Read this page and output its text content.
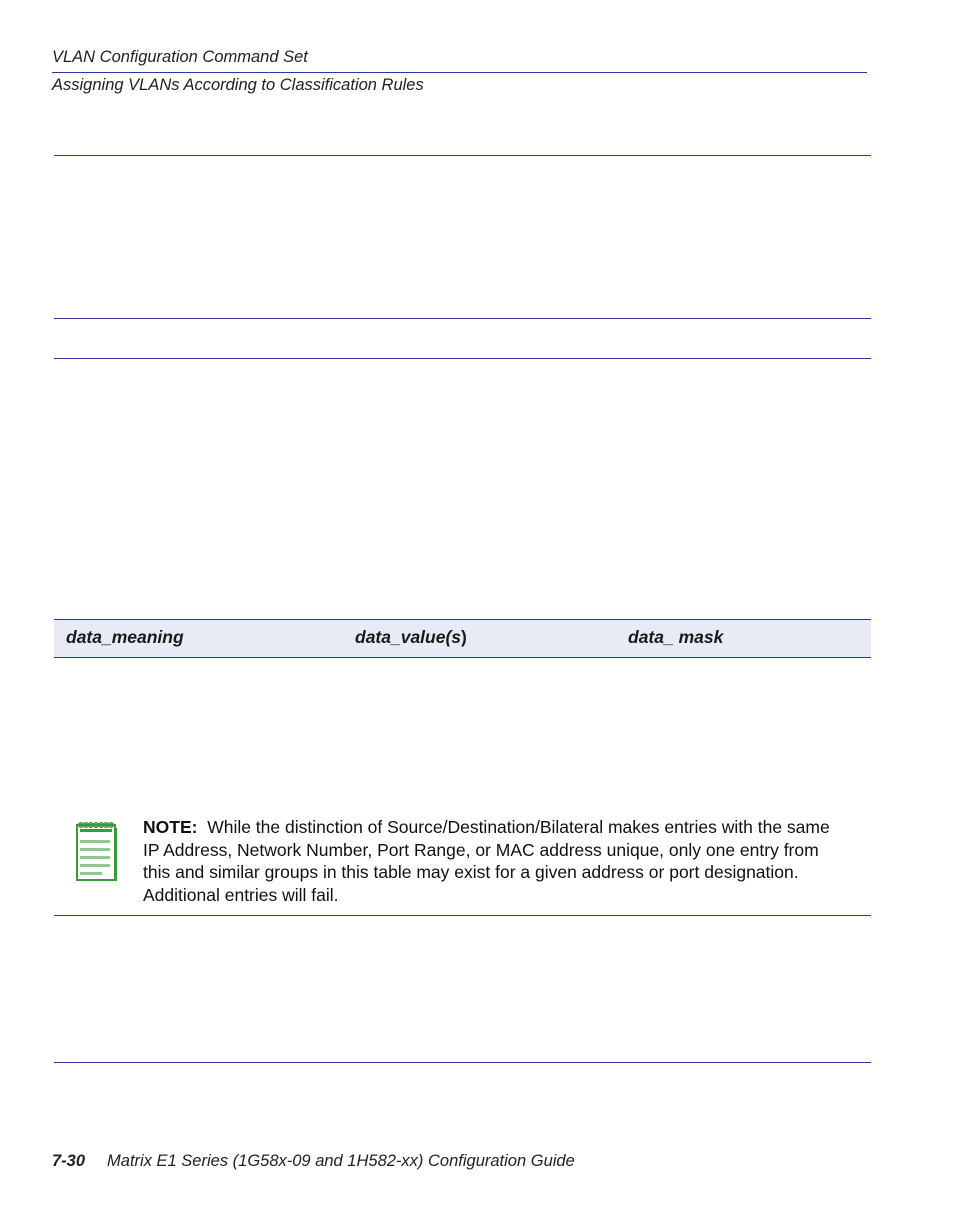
VLAN Configuration Command Set
Assigning VLANs According to Classification Rules
data_meaning	data_value(s)	data_ mask
NOTE: While the distinction of Source/Destination/Bilateral makes entries with the same IP Address, Network Number, Port Range, or MAC address unique, only one entry from this and similar groups in this table may exist for a given address or port designation. Additional entries will fail.
7-30 Matrix E1 Series (1G58x-09 and 1H582-xx) Configuration Guide
